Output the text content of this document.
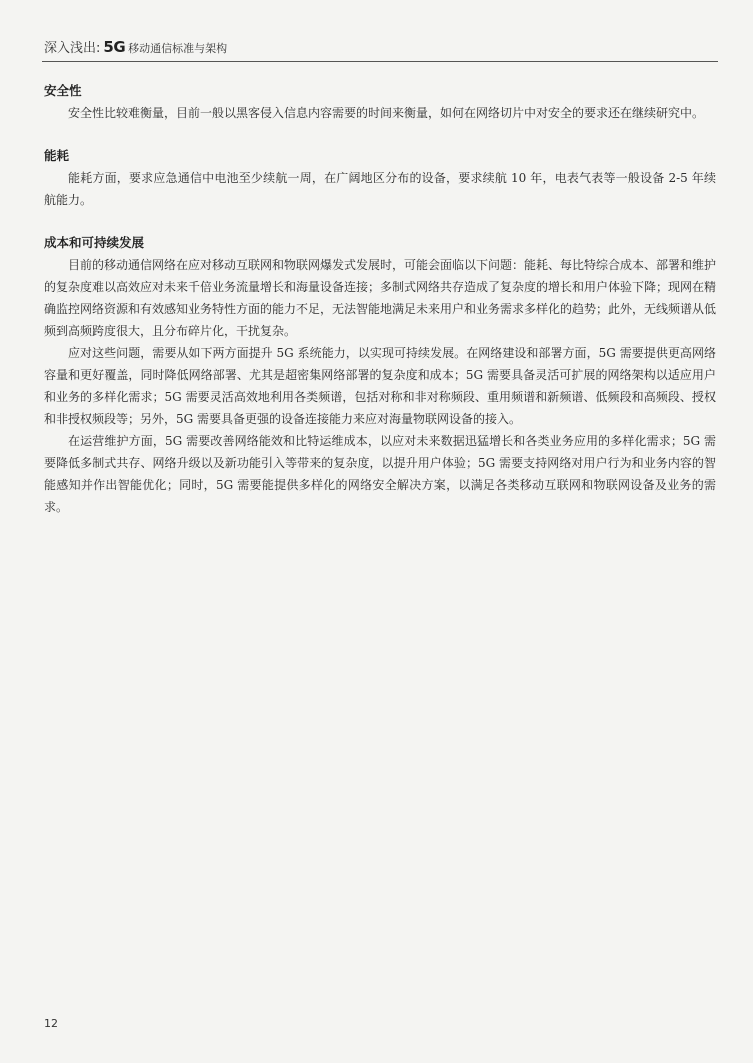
深入浅出: 5G 移动通信标准与架构
安全性

安全性比较难衡量，目前一般以黑客侵入信息内容需要的时间来衡量，如何在网络切片中对安全的要求还在继续研究中。

能耗

能耗方面，要求应急通信中电池至少续航一周，在广阔地区分布的设备，要求续航 10 年，电表气表等一般设备 2-5 年续航能力。

成本和可持续发展

目前的移动通信网络在应对移动互联网和物联网爆发式发展时，可能会面临以下问题：能耗、每比特综合成本、部署和维护的复杂度难以高效应对未来千倍业务流量增长和海量设备连接；多制式网络共存造成了复杂度的增长和用户体验下降；现网在精确监控网络资源和有效感知业务特性方面的能力不足，无法智能地满足未来用户和业务需求多样化的趋势；此外，无线频谱从低频到高频跨度很大，且分布碎片化，干扰复杂。

应对这些问题，需要从如下两方面提升 5G 系统能力，以实现可持续发展。在网络建设和部署方面，5G 需要提供更高网络容量和更好覆盖，同时降低网络部署、尤其是超密集网络部署的复杂度和成本；5G 需要具备灵活可扩展的网络架构以适应用户和业务的多样化需求；5G 需要灵活高效地利用各类频谱，包括对称和非对称频段、重用频谱和新频谱、低频段和高频段、授权和非授权频段等；另外，5G 需要具备更强的设备连接能力来应对海量物联网设备的接入。

在运营维护方面，5G 需要改善网络能效和比特运维成本，以应对未来数据迅猛增长和各类业务应用的多样化需求；5G 需要降低多制式共存、网络升级以及新功能引入等带来的复杂度，以提升用户体验；5G 需要支持网络对用户行为和业务内容的智能感知并作出智能优化；同时，5G 需要能提供多样化的网络安全解决方案，以满足各类移动互联网和物联网设备及业务的需求。

12
